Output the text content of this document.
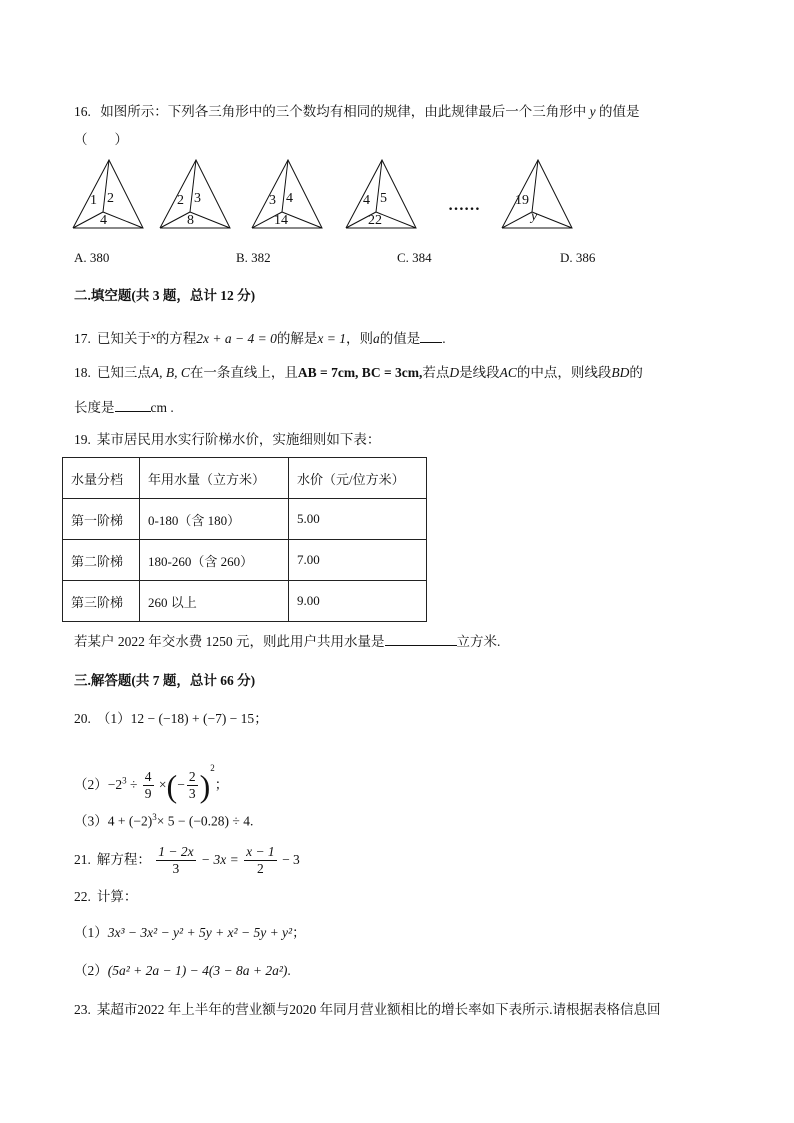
16. 如图所示：下列各三角形中的三个数均有相同的规律，由此规律最后一个三角形中 y 的值是
（　　）
1 2
4
2 3
8
3 4
14
4 5
22
……	19
y
A. 380	B. 382	C. 384	D. 386
二.填空题(共 3 题，总计 12 分)
17. 已知关于$^x$的方程2x + a − 4 = 0的解是x = 1，则a的值是 .
18. 已知三点A, B, C在一条直线上，且AB = 7cm, BC = 3cm,若点D是线段AC的中点，则线段BD的
长度是	cm .
19. 某市居民用水实行阶梯水价，实施细则如下表：
水量分档	年用水量（立方米）	水价（元/位方米）
第一阶梯	0-180（含 180）	5.00
第二阶梯	180-260（含 260）	7.00
第三阶梯	260 以上	9.00
若某户 2022 年交水费 1250 元，则此用户共用水量是	立方米.
三.解答题(共 7 题，总计 66 分)
20. （1）12 − (−18) + (−7) − 15；
$(2)-2^3 \div \frac{4}{9}$ ×(− $\frac{2}{3} )^2$；
$(3)4 + (-2)^3\times 5 - (-0.28) \div 4$.
21. 解方程： $\frac{1 - 2x}{3} - 3x = \frac{x - 1}{2} - 3$
22. 计算：
（1）3x³ − 3x² − y² + 5y + x² − 5y + y²；
（2）(5a² + 2a − 1) − 4(3 − 8a + 2a²).
23. 某超市2022 年上半年的营业额与2020 年同月营业额相比的增长率如下表所示.请根据表格信息回
